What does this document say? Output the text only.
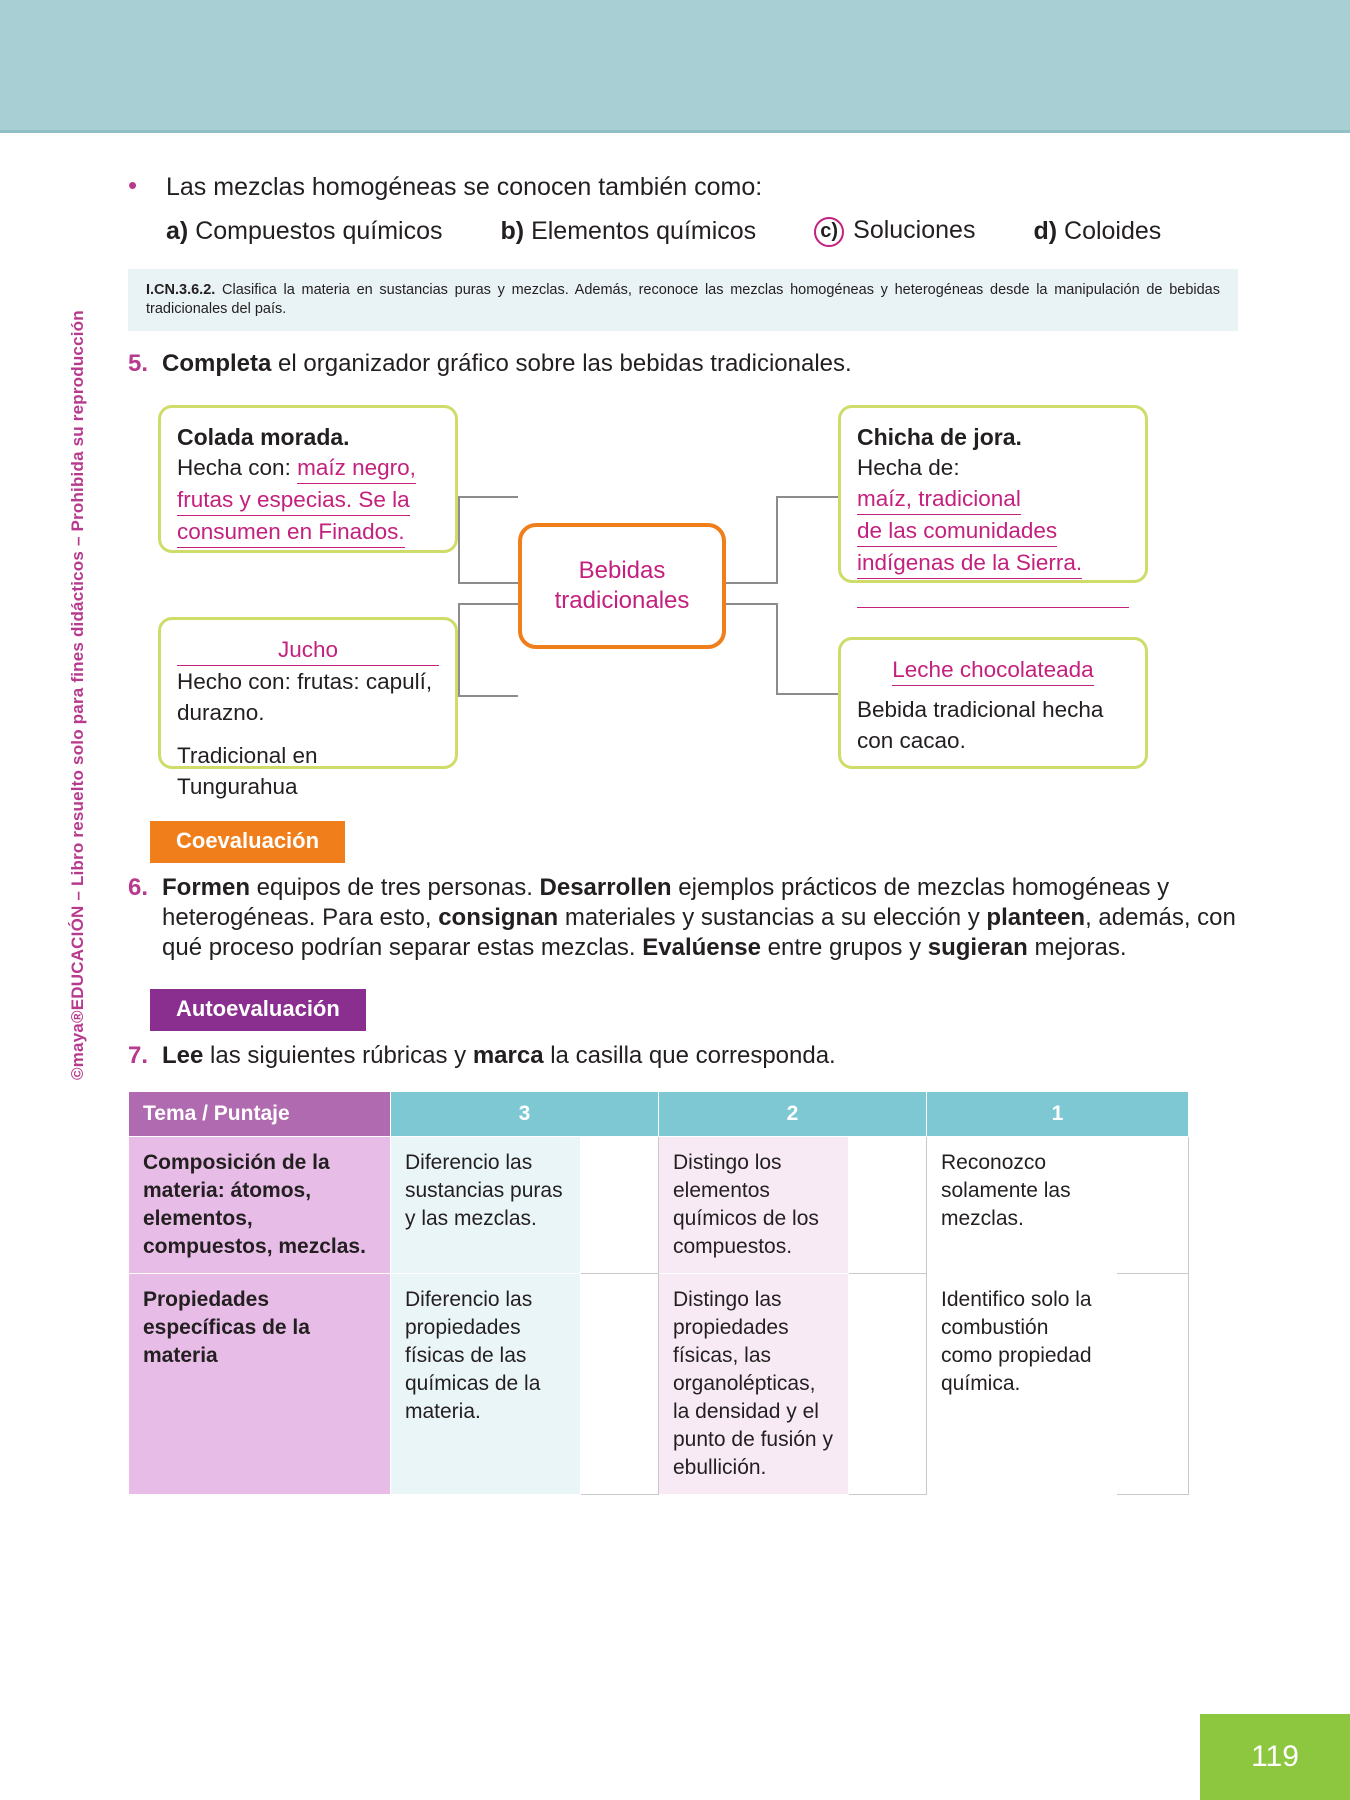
©maya®EDUCACIÓN – Libro resuelto solo para fines didácticos – Prohibida su reproducción
•	Las mezclas homogéneas se conocen también como:
a) Compuestos químicos b) Elementos químicos	c) Soluciones d) Coloides
I.CN.3.6.2. Clasifica la materia en sustancias puras y mezclas. Además, reconoce las mezclas homogéneas y heterogéneas desde la manipulación de bebidas tradicionales del país.
5. Completa el organizador gráfico sobre las bebidas tradicionales.
Colada morada.

Hecha con: maíz negro,
frutas y especias. Se la
consumen en Finados.

Jucho

Hecho con: frutas: capulí,

durazno.

Tradicional en Tungurahua

Bebidas tradicionales
Chicha de jora.

Hecha de: maíz, tradicional
de las comunidades
indígenas de la Sierra.

Leche chocolateada

Bebida tradicional hecha

con cacao.

Coevaluación
6. Formen equipos de tres personas. Desarrollen ejemplos prácticos de mezclas homogéneas y heterogéneas. Para esto, consignan materiales y sustancias a su elección y planteen, además, con qué proceso podrían separar estas mezclas. Evalúense entre grupos y sugieran mejoras.
Autoevaluación
7. Lee las siguientes rúbricas y marca la casilla que corresponda.
Tema / Puntaje	3		2		1	
Composición de la materia: átomos, elementos, compuestos, mezclas.	Diferencio las sustancias puras y las mezclas.		Distingo los elementos químicos de los compuestos.		Reconozco solamente las mezclas.	
Propiedades específicas de la materia	Diferencio las propiedades físicas de las químicas de la materia.		Distingo las propiedades físicas, las organolépticas, la densidad y el punto de fusión y ebullición.		Identifico solo la combustión como propiedad química.	
119
